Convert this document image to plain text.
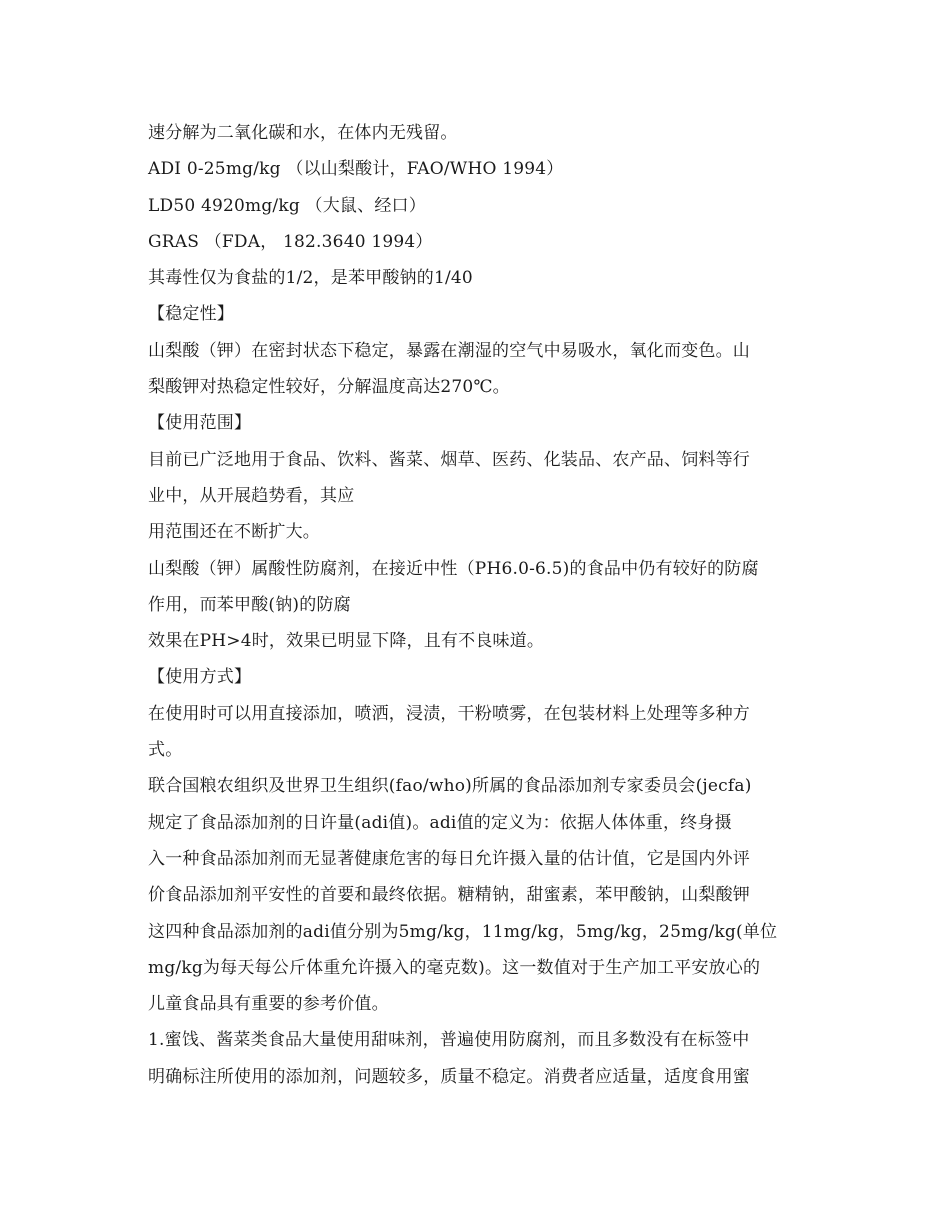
速分解为二氧化碳和水，在体内无残留。
ADI 0-25mg/kg （以山梨酸计，FAO/WHO 1994）
LD50 4920mg/kg （大鼠、经口）
GRAS （FDA， 182.3640 1994）
其毒性仅为食盐的1/2，是苯甲酸钠的1/40
【稳定性】
山梨酸（钾）在密封状态下稳定，暴露在潮湿的空气中易吸水，氧化而变色。山
梨酸钾对热稳定性较好，分解温度高达270℃。
【使用范围】
目前已广泛地用于食品、饮料、酱菜、烟草、医药、化装品、农产品、饲料等行
业中，从开展趋势看，其应
用范围还在不断扩大。
山梨酸（钾）属酸性防腐剂，在接近中性（PH6.0-6.5)的食品中仍有较好的防腐
作用，而苯甲酸(钠)的防腐
效果在PH>4时，效果已明显下降，且有不良味道。
【使用方式】
在使用时可以用直接添加，喷洒，浸渍，干粉喷雾，在包装材料上处理等多种方
式。
联合国粮农组织及世界卫生组织(fao/who)所属的食品添加剂专家委员会(jecfa)
规定了食品添加剂的日许量(adi值)。adi值的定义为：依据人体体重，终身摄
入一种食品添加剂而无显著健康危害的每日允许摄入量的估计值，它是国内外评
价食品添加剂平安性的首要和最终依据。糖精钠，甜蜜素，苯甲酸钠，山梨酸钾
这四种食品添加剂的adi值分别为5mg/kg，11mg/kg，5mg/kg，25mg/kg(单位
mg/kg为每天每公斤体重允许摄入的毫克数)。这一数值对于生产加工平安放心的
儿童食品具有重要的参考价值。
1.蜜饯、酱菜类食品大量使用甜味剂，普遍使用防腐剂，而且多数没有在标签中
明确标注所使用的添加剂，问题较多，质量不稳定。消费者应适量，适度食用蜜
